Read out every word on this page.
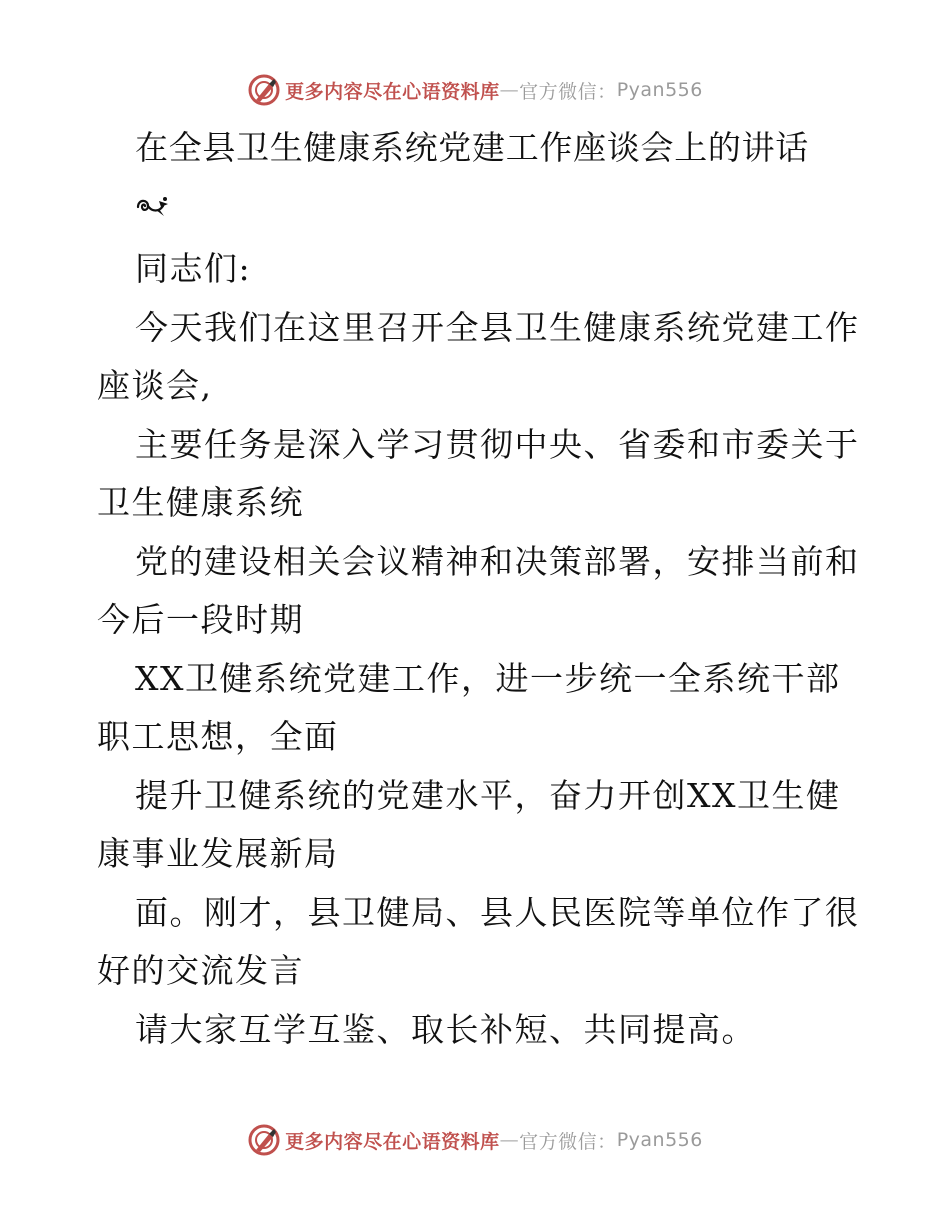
更多内容尽在心语资料库 — 官方微信： Pyan556
在全县卫生健康系统党建工作座谈会上的讲话
同志们:
今天我们在这里召开全县卫生健康系统党建工作
座谈会,
主要任务是深入学习贯彻中央、省委和市委关于
卫生健康系统
党的建设相关会议精神和决策部署，安排当前和
今后一段时期
XX卫健系统党建工作，进一步统一全系统干部
职工思想，全面
提升卫健系统的党建水平，奋力开创XX卫生健
康事业发展新局
面。刚才，县卫健局、县人民医院等单位作了很
好的交流发言
请大家互学互鉴、取长补短、共同提高。
更多内容尽在心语资料库 — 官方微信： Pyan556
